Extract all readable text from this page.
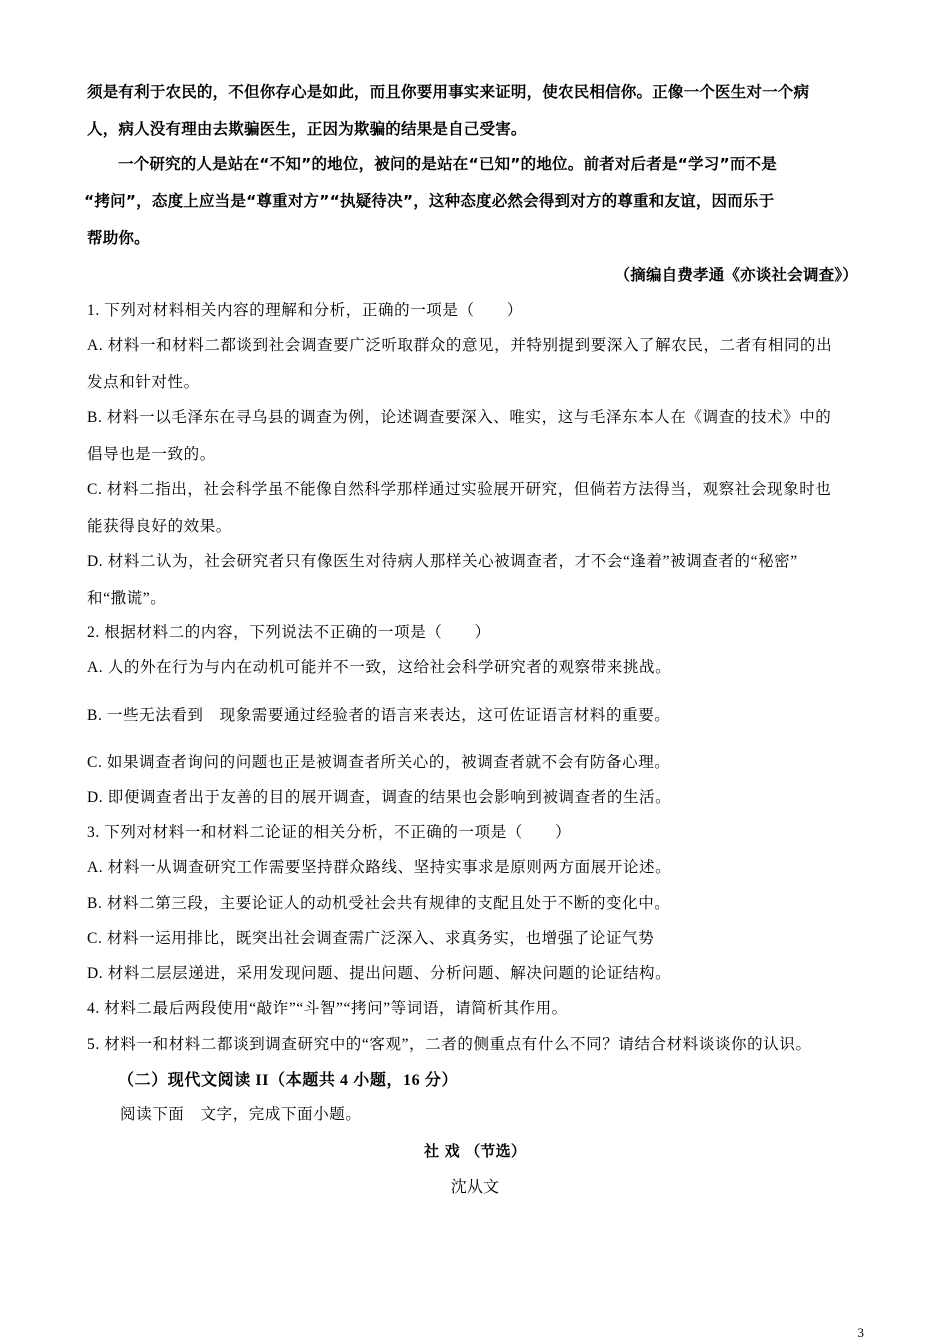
须是有利于农民的，不但你存心是如此，而且你要用事实来证明，使农民相信你。正像一个医生对一个病
人，病人没有理由去欺骗医生，正因为欺骗的结果是自己受害。
一个研究的人是站在“不知”的地位，被问的是站在“已知”的地位。前者对后者是“学习”而不是
“拷问”，态度上应当是“尊重对方”“执疑待决”，这种态度必然会得到对方的尊重和友谊，因而乐于
帮助你。
（摘编自费孝通《亦谈社会调查》）
1. 下列对材料相关内容的理解和分析，正确的一项是（　　）
A. 材料一和材料二都谈到社会调查要广泛听取群众的意见，并特别提到要深入了解农民，二者有相同的出
发点和针对性。
B. 材料一以毛泽东在寻乌县的调查为例，论述调查要深入、唯实，这与毛泽东本人在《调查的技术》中的
倡导也是一致的。
C. 材料二指出，社会科学虽不能像自然科学那样通过实验展开研究，但倘若方法得当，观察社会现象时也
能获得良好的效果。
D. 材料二认为，社会研究者只有像医生对待病人那样关心被调查者，才不会“逢着”被调查者的“秘密”
和“撒谎”。
2. 根据材料二的内容，下列说法不正确的一项是（　　）
A. 人的外在行为与内在动机可能并不一致，这给社会科学研究者的观察带来挑战。
B. 一些无法看到　现象需要通过经验者的语言来表达，这可佐证语言材料的重要。
C. 如果调查者询问的问题也正是被调查者所关心的，被调查者就不会有防备心理。
D. 即便调查者出于友善的目的展开调查，调查的结果也会影响到被调查者的生活。
3. 下列对材料一和材料二论证的相关分析，不正确的一项是（　　）
A. 材料一从调查研究工作需要坚持群众路线、坚持实事求是原则两方面展开论述。
B. 材料二第三段，主要论证人的动机受社会共有规律的支配且处于不断的变化中。
C. 材料一运用排比，既突出社会调查需广泛深入、求真务实，也增强了论证气势
D. 材料二层层递进，采用发现问题、提出问题、分析问题、解决问题的论证结构。
4. 材料二最后两段使用“敲诈”“斗智”“拷问”等词语，请简析其作用。
5. 材料一和材料二都谈到调查研究中的“客观”，二者的侧重点有什么不同？请结合材料谈谈你的认识。
（二）现代文阅读 II（本题共 4 小题，16 分）
阅读下面　文字，完成下面小题。
社 戏 （节选）
沈从文
3
